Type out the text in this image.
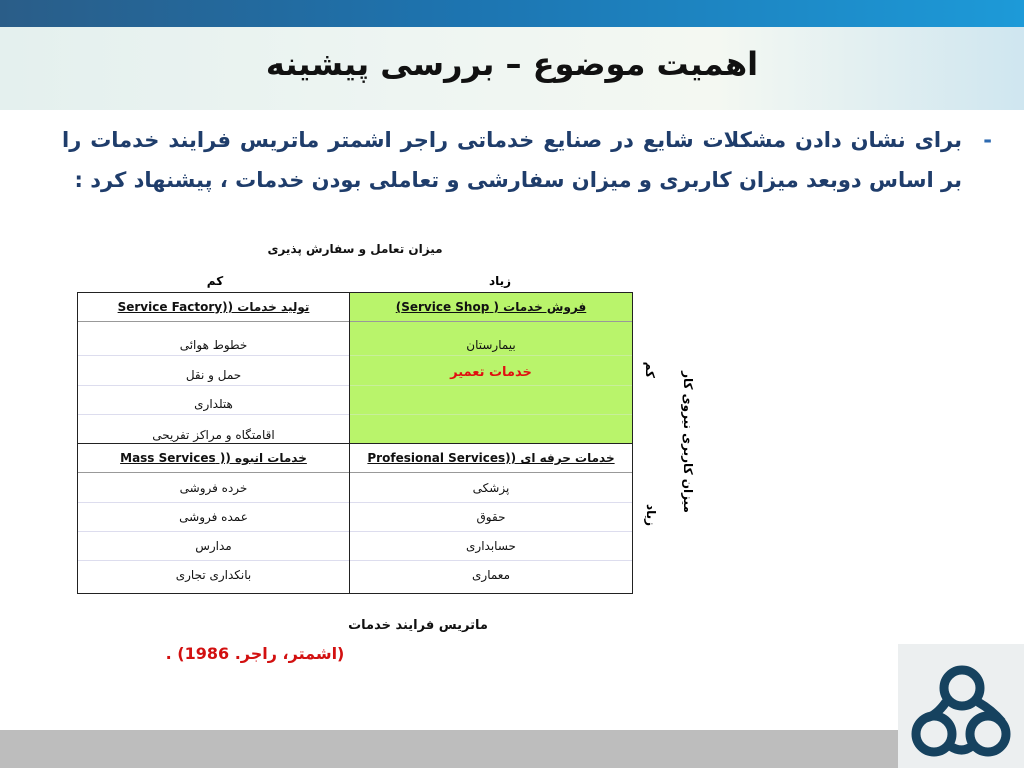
اهمیت موضوع – بررسی پیشینه
-
برای نشان دادن مشکلات شایع در صنایع خدماتی راجر اشمتر ماتریس فرایند خدمات را بر اساس دوبعد میزان کاربری و میزان سفارشی و تعاملی بودن خدمات ، پیشنهاد کرد :
میزان تعامل و سفارش پذیری
زیاد
کم
تولید خدمات ((Service Factory
خطوط هوائی
حمل و نقل
هتلداری
اقامتگاه و مراکز تفریحی
فروش خدمات ( Service Shop)
بیمارستان
خدمات تعمیر
خدمات انبوه (( Mass Services
خرده فروشی
عمده فروشی
مدارس
بانکداری تجاری
خدمات حرفه ای ((Profesional Services
پزشکی
حقوق
حسابداری
معماری
کم
زیاد
میزان کاربری نیروی کار
ماتریس فرایند خدمات
(اشمتر، راجر. 1986) .
